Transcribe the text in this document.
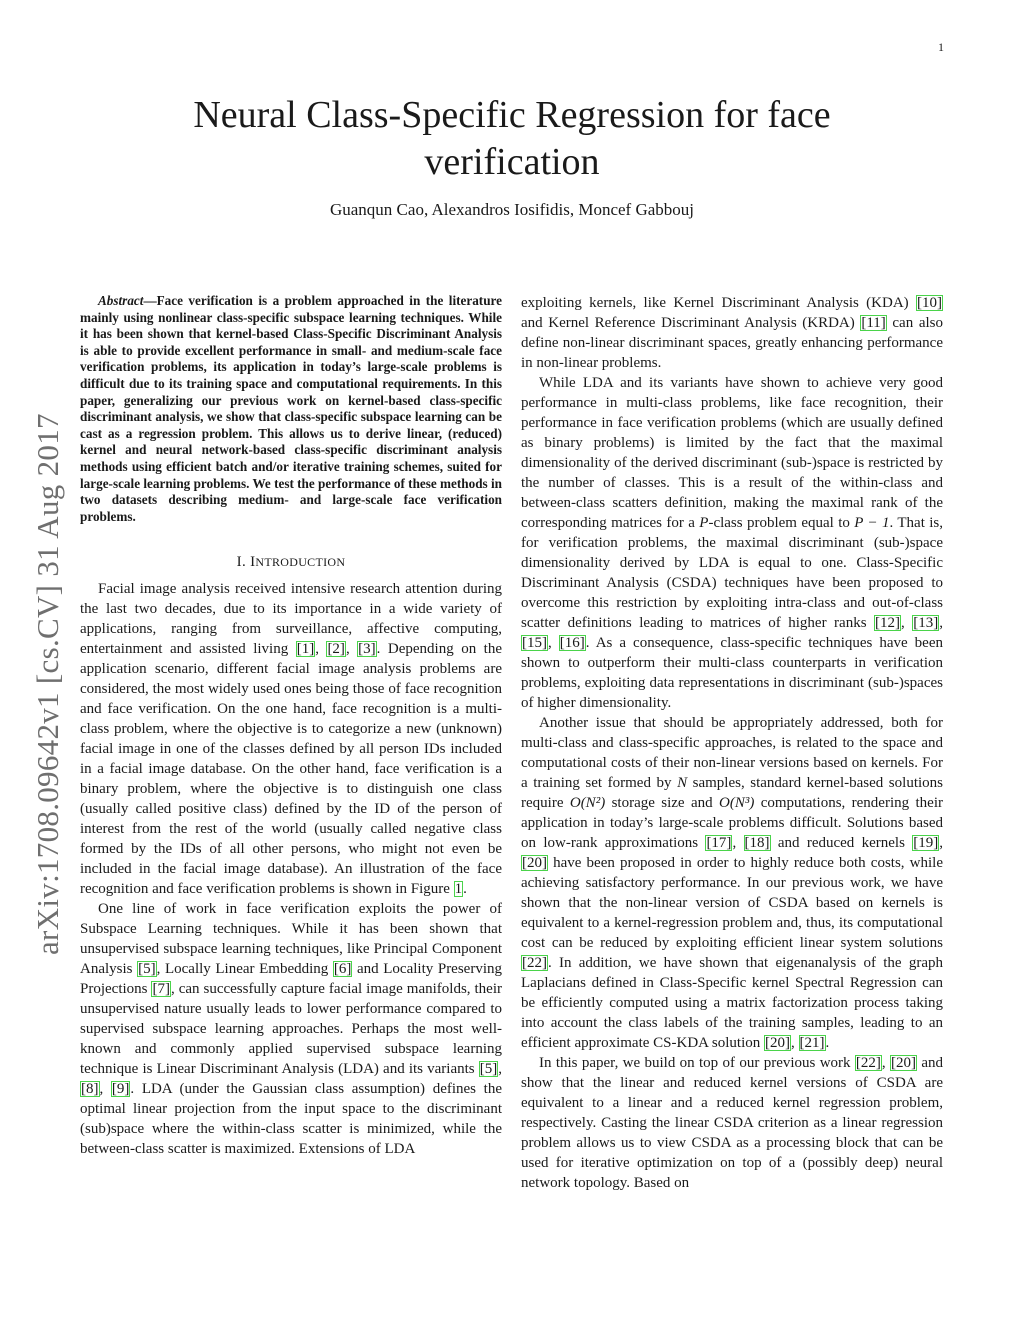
1
arXiv:1708.09642v1 [cs.CV] 31 Aug 2017
Neural Class-Specific Regression for face
verification
Guanqun Cao, Alexandros Iosifidis, Moncef Gabbouj

Abstract—Face verification is a problem approached in the literature mainly using nonlinear class-specific subspace learning techniques. While it has been shown that kernel-based Class-Specific Discriminant Analysis is able to provide excellent performance in small- and medium-scale face verification problems, its application in today’s large-scale problems is difficult due to its training space and computational requirements. In this paper, generalizing our previous work on kernel-based class-specific discriminant analysis, we show that class-specific subspace learning can be cast as a regression problem. This allows us to derive linear, (reduced) kernel and neural network-based class-specific discriminant analysis methods using efficient batch and/or iterative training schemes, suited for large-scale learning problems. We test the performance of these methods in two datasets describing medium- and large-scale face verification problems.

I. INTRODUCTION

Facial image analysis received intensive research attention during the last two decades, due to its importance in a wide variety of applications, ranging from surveillance, affective computing, entertainment and assisted living [1], [2], [3]. Depending on the application scenario, different facial image analysis problems are considered, the most widely used ones being those of face recognition and face verification. On the one hand, face recognition is a multi-class problem, where the objective is to categorize a new (unknown) facial image in one of the classes defined by all person IDs included in a facial image database. On the other hand, face verification is a binary problem, where the objective is to distinguish one class (usually called positive class) defined by the ID of the person of interest from the rest of the world (usually called negative class formed by the IDs of all other persons, who might not even be included in the facial image database). An illustration of the face recognition and face verification problems is shown in Figure 1.

One line of work in face verification exploits the power of Subspace Learning techniques. While it has been shown that unsupervised subspace learning techniques, like Principal Component Analysis [5], Locally Linear Embedding [6] and Locality Preserving Projections [7], can successfully capture facial image manifolds, their unsupervised nature usually leads to lower performance compared to supervised subspace learning approaches. Perhaps the most well-known and commonly applied supervised subspace learning technique is Linear Discriminant Analysis (LDA) and its variants [5], [8], [9]. LDA (under the Gaussian class assumption) defines the optimal linear projection from the input space to the discriminant (sub)space where the within-class scatter is minimized, while the between-class scatter is maximized. Extensions of LDA

exploiting kernels, like Kernel Discriminant Analysis (KDA) [10] and Kernel Reference Discriminant Analysis (KRDA) [11] can also define non-linear discriminant spaces, greatly enhancing performance in non-linear problems.

While LDA and its variants have shown to achieve very good performance in multi-class problems, like face recognition, their performance in face verification problems (which are usually defined as binary problems) is limited by the fact that the maximal dimensionality of the derived discriminant (sub-)space is restricted by the number of classes. This is a result of the within-class and between-class scatters definition, making the maximal rank of the corresponding matrices for a P-class problem equal to P − 1. That is, for verification problems, the maximal discriminant (sub-)space dimensionality derived by LDA is equal to one. Class-Specific Discriminant Analysis (CSDA) techniques have been proposed to overcome this restriction by exploiting intra-class and out-of-class scatter definitions leading to matrices of higher ranks [12], [13], [15], [16]. As a consequence, class-specific techniques have been shown to outperform their multi-class counterparts in verification problems, exploiting data representations in discriminant (sub-)spaces of higher dimensionality.

Another issue that should be appropriately addressed, both for multi-class and class-specific approaches, is related to the space and computational costs of their non-linear versions based on kernels. For a training set formed by N samples, standard kernel-based solutions require O(N²) storage size and O(N³) computations, rendering their application in today’s large-scale problems difficult. Solutions based on low-rank approximations [17], [18] and reduced kernels [19], [20] have been proposed in order to highly reduce both costs, while achieving satisfactory performance. In our previous work, we have shown that the non-linear version of CSDA based on kernels is equivalent to a kernel-regression problem and, thus, its computational cost can be reduced by exploiting efficient linear system solutions [22]. In addition, we have shown that eigenanalysis of the graph Laplacians defined in Class-Specific kernel Spectral Regression can be efficiently computed using a matrix factorization process taking into account the class labels of the training samples, leading to an efficient approximate CS-KDA solution [20], [21].

In this paper, we build on top of our previous work [22], [20] and show that the linear and reduced kernel versions of CSDA are equivalent to a linear and a reduced kernel regression problem, respectively. Casting the linear CSDA criterion as a linear regression problem allows us to view CSDA as a processing block that can be used for iterative optimization on top of a (possibly deep) neural network topology. Based on
